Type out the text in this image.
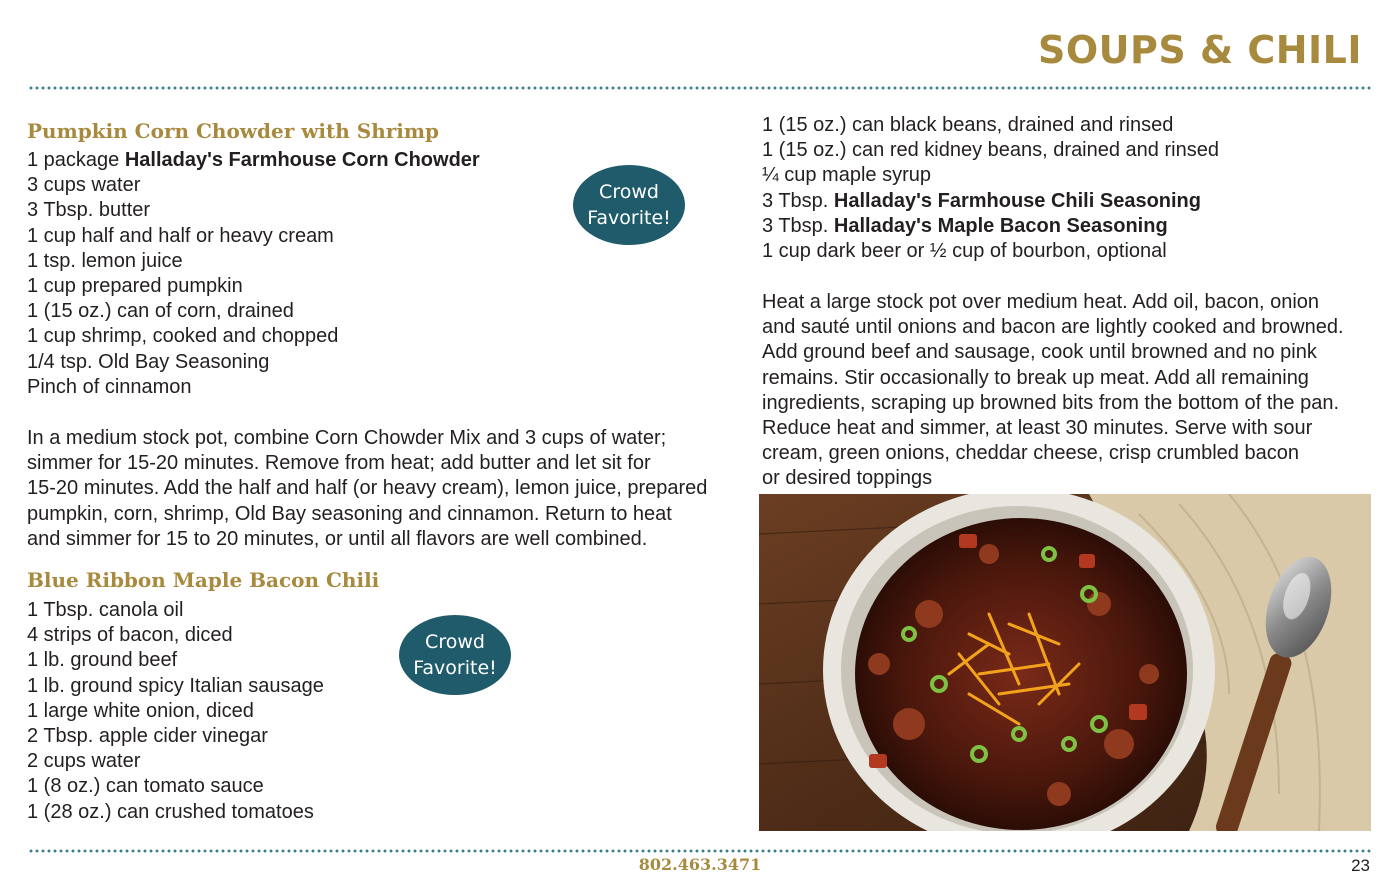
SOUPS & CHILI
Pumpkin Corn Chowder with Shrimp
1 package Halladay's Farmhouse Corn Chowder
3 cups water
3 Tbsp. butter
1 cup half and half or heavy cream
1 tsp. lemon juice
1 cup prepared pumpkin
1 (15 oz.) can of corn, drained
1 cup shrimp, cooked and chopped
1/4 tsp. Old Bay Seasoning
Pinch of cinnamon
Crowd
Favorite!
In a medium stock pot, combine Corn Chowder Mix and 3 cups of water;
simmer for 15-20 minutes. Remove from heat; add butter and let sit for
15-20 minutes. Add the half and half (or heavy cream), lemon juice, prepared
pumpkin, corn, shrimp, Old Bay seasoning and cinnamon. Return to heat
and simmer for 15 to 20 minutes, or until all flavors are well combined.
Blue Ribbon Maple Bacon Chili
1 Tbsp. canola oil
4 strips of bacon, diced
1 lb. ground beef
1 lb. ground spicy Italian sausage
1 large white onion, diced
2 Tbsp. apple cider vinegar
2 cups water
1 (8 oz.) can tomato sauce
1 (28 oz.) can crushed tomatoes
Crowd
Favorite!
1 (15 oz.) can black beans, drained and rinsed
1 (15 oz.) can red kidney beans, drained and rinsed
¼ cup maple syrup
3 Tbsp. Halladay's Farmhouse Chili Seasoning
3 Tbsp. Halladay's Maple Bacon Seasoning
1 cup dark beer or ½ cup of bourbon, optional
Heat a large stock pot over medium heat. Add oil, bacon, onion
and sauté until onions and bacon are lightly cooked and browned.
Add ground beef and sausage, cook until browned and no pink
remains. Stir occasionally to break up meat. Add all remaining
ingredients, scraping up browned bits from the bottom of the pan.
Reduce heat and simmer, at least 30 minutes. Serve with sour
cream, green onions, cheddar cheese, crisp crumbled bacon
or desired toppings
802.463.3471	23
